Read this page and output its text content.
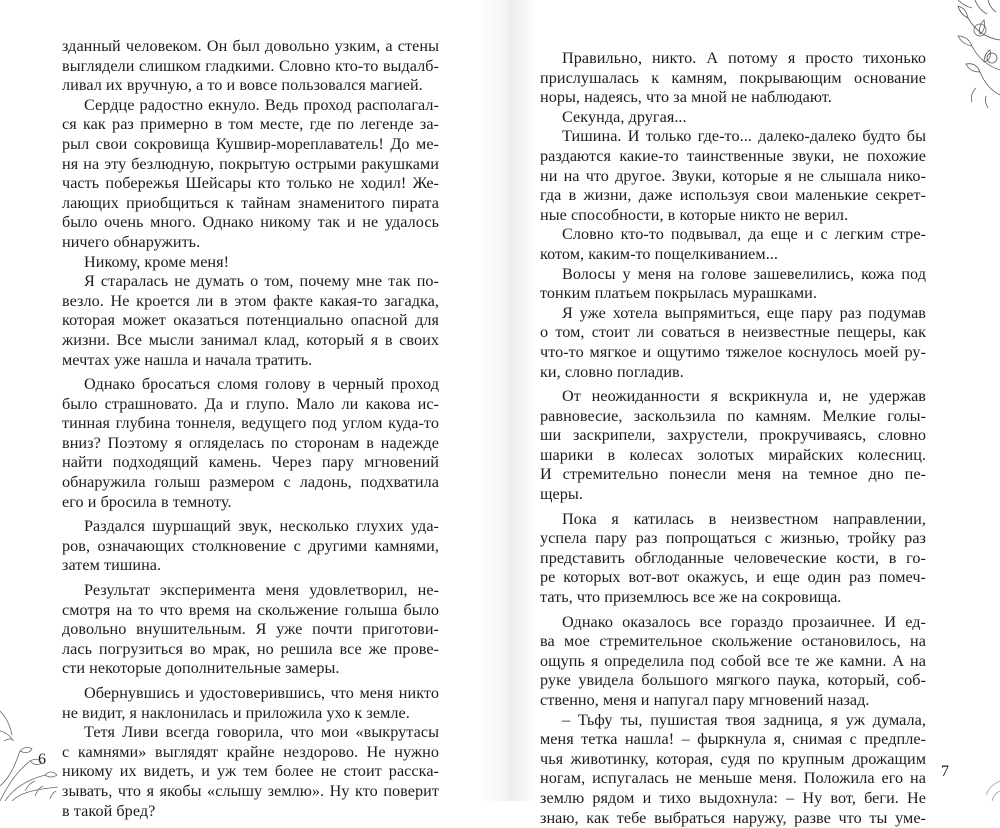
зданный человеком. Он был довольно узким, а стены
выглядели слишком гладкими. Словно кто-то выдалб-
ливал их вручную, а то и вовсе пользовался магией.
Сердце радостно екнуло. Ведь проход располагал-
ся как раз примерно в том месте, где по легенде за-
рыл свои сокровища Кушвир-мореплаватель! До ме-
ня на эту безлюдную, покрытую острыми ракушками
часть побережья Шейсары кто только не ходил! Же-
лающих приобщиться к тайнам знаменитого пирата
было очень много. Однако никому так и не удалось
ничего обнаружить.
Никому, кроме меня!
Я старалась не думать о том, почему мне так по-
везло. Не кроется ли в этом факте какая-то загадка,
которая может оказаться потенциально опасной для
жизни. Все мысли занимал клад, который я в своих
мечтах уже нашла и начала тратить.
Однако бросаться сломя голову в черный проход
было страшновато. Да и глупо. Мало ли какова ис-
тинная глубина тоннеля, ведущего под углом куда-то
вниз? Поэтому я огляделась по сторонам в надежде
найти подходящий камень. Через пару мгновений
обнаружила голыш размером с ладонь, подхватила
его и бросила в темноту.
Раздался шуршащий звук, несколько глухих уда-
ров, означающих столкновение с другими камнями,
затем тишина.
Результат эксперимента меня удовлетворил, не-
смотря на то что время на скольжение голыша было
довольно внушительным. Я уже почти приготови-
лась погрузиться во мрак, но решила все же прове-
сти некоторые дополнительные замеры.
Обернувшись и удостоверившись, что меня никто
не видит, я наклонилась и приложила ухо к земле.
Тетя Ливи всегда говорила, что мои «выкрутасы
с камнями» выглядят крайне нездорово. Не нужно
никому их видеть, и уж тем более не стоит расска-
зывать, что я якобы «слышу землю». Ну кто поверит
в такой бред?
6
7
Правильно, никто. А потому я просто тихонько
прислушалась к камням, покрывающим основание
норы, надеясь, что за мной не наблюдают.
Секунда, другая...
Тишина. И только где-то... далеко-далеко будто бы
раздаются какие-то таинственные звуки, не похожие
ни на что другое. Звуки, которые я не слышала нико-
гда в жизни, даже используя свои маленькие секрет-
ные способности, в которые никто не верил.
Словно кто-то подвывал, да еще и с легким стре-
котом, каким-то пощелкиванием...
Волосы у меня на голове зашевелились, кожа под
тонким платьем покрылась мурашками.
Я уже хотела выпрямиться, еще пару раз подумав
о том, стоит ли соваться в неизвестные пещеры, как
что-то мягкое и ощутимо тяжелое коснулось моей ру-
ки, словно погладив.
От неожиданности я вскрикнула и, не удержав
равновесие, заскользила по камням. Мелкие голы-
ши заскрипели, захрустели, прокручиваясь, словно
шарики в колесах золотых мирайских колесниц.
И стремительно понесли меня на темное дно пе-
щеры.
Пока я катилась в неизвестном направлении,
успела пару раз попрощаться с жизнью, тройку раз
представить обглоданные человеческие кости, в го-
ре которых вот-вот окажусь, и еще один раз помеч-
тать, что приземлюсь все же на сокровища.
Однако оказалось все гораздо прозаичнее. И ед-
ва мое стремительное скольжение остановилось, на
ощупь я определила под собой все те же камни. А на
руке увидела большого мягкого паука, который, соб-
ственно, меня и напугал пару мгновений назад.
– Тьфу ты, пушистая твоя задница, я уж думала,
меня тетка нашла! – фыркнула я, снимая с предпле-
чья животинку, которая, судя по крупным дрожащим
ногам, испугалась не меньше меня. Положила его на
землю рядом и тихо выдохнула: – Ну вот, беги. Не
знаю, как тебе выбраться наружу, разве что ты уме-
